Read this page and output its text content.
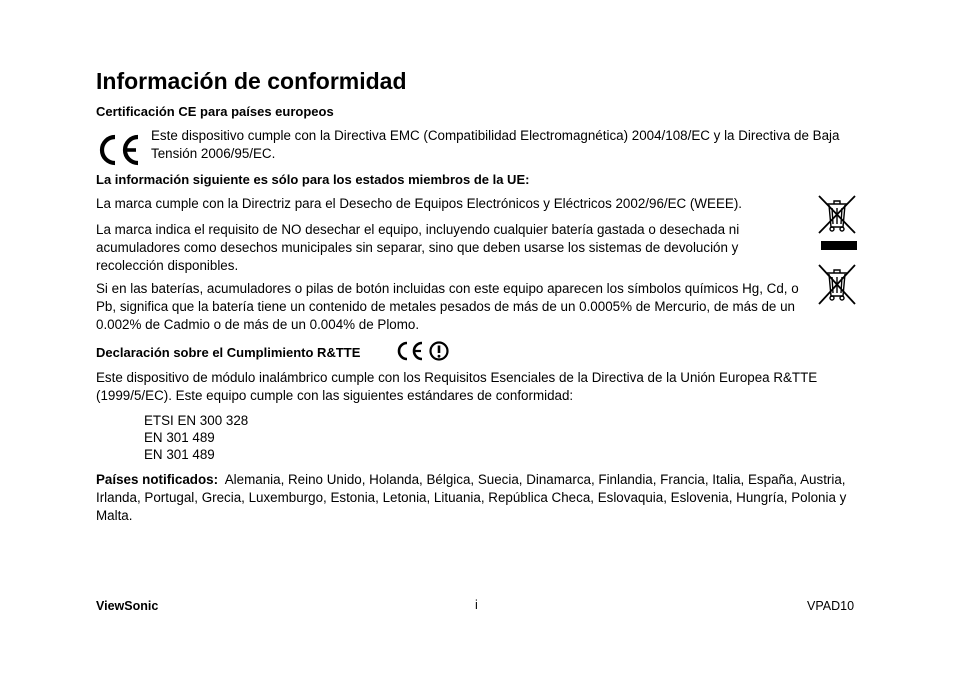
Información de conformidad
Certificación CE para países europeos
Este dispositivo cumple con la Directiva EMC (Compatibilidad Electromagnética) 2004/108/EC y la Directiva de Baja Tensión 2006/95/EC.
La información siguiente es sólo para los estados miembros de la UE:
La marca cumple con la Directriz para el Desecho de Equipos Electrónicos y Eléctricos 2002/96/EC (WEEE).
La marca indica el requisito de NO desechar el equipo, incluyendo cualquier batería gastada o desechada ni acumuladores como desechos municipales sin separar, sino que deben usarse los sistemas de devolución y recolección disponibles.
Si en las baterías, acumuladores o pilas de botón incluidas con este equipo aparecen los símbolos químicos Hg, Cd, o Pb, significa que la batería tiene un contenido de metales pesados de más de un 0.0005% de Mercurio, de más de un 0.002% de Cadmio o de más de un 0.004% de Plomo.
Declaración sobre el Cumplimiento R&TTE
Este dispositivo de módulo inalámbrico cumple con los Requisitos Esenciales de la Directiva de la Unión Europea R&TTE (1999/5/EC). Este equipo cumple con las siguientes estándares de conformidad:
ETSI EN 300 328
EN 301 489
EN 301 489
Países notificados: Alemania, Reino Unido, Holanda, Bélgica, Suecia, Dinamarca, Finlandia, Francia, Italia, España, Austria, Irlanda, Portugal, Grecia, Luxemburgo, Estonia, Letonia, Lituania, República Checa, Eslovaquia, Eslovenia, Hungría, Polonia y Malta.
ViewSonic	i	VPAD10
